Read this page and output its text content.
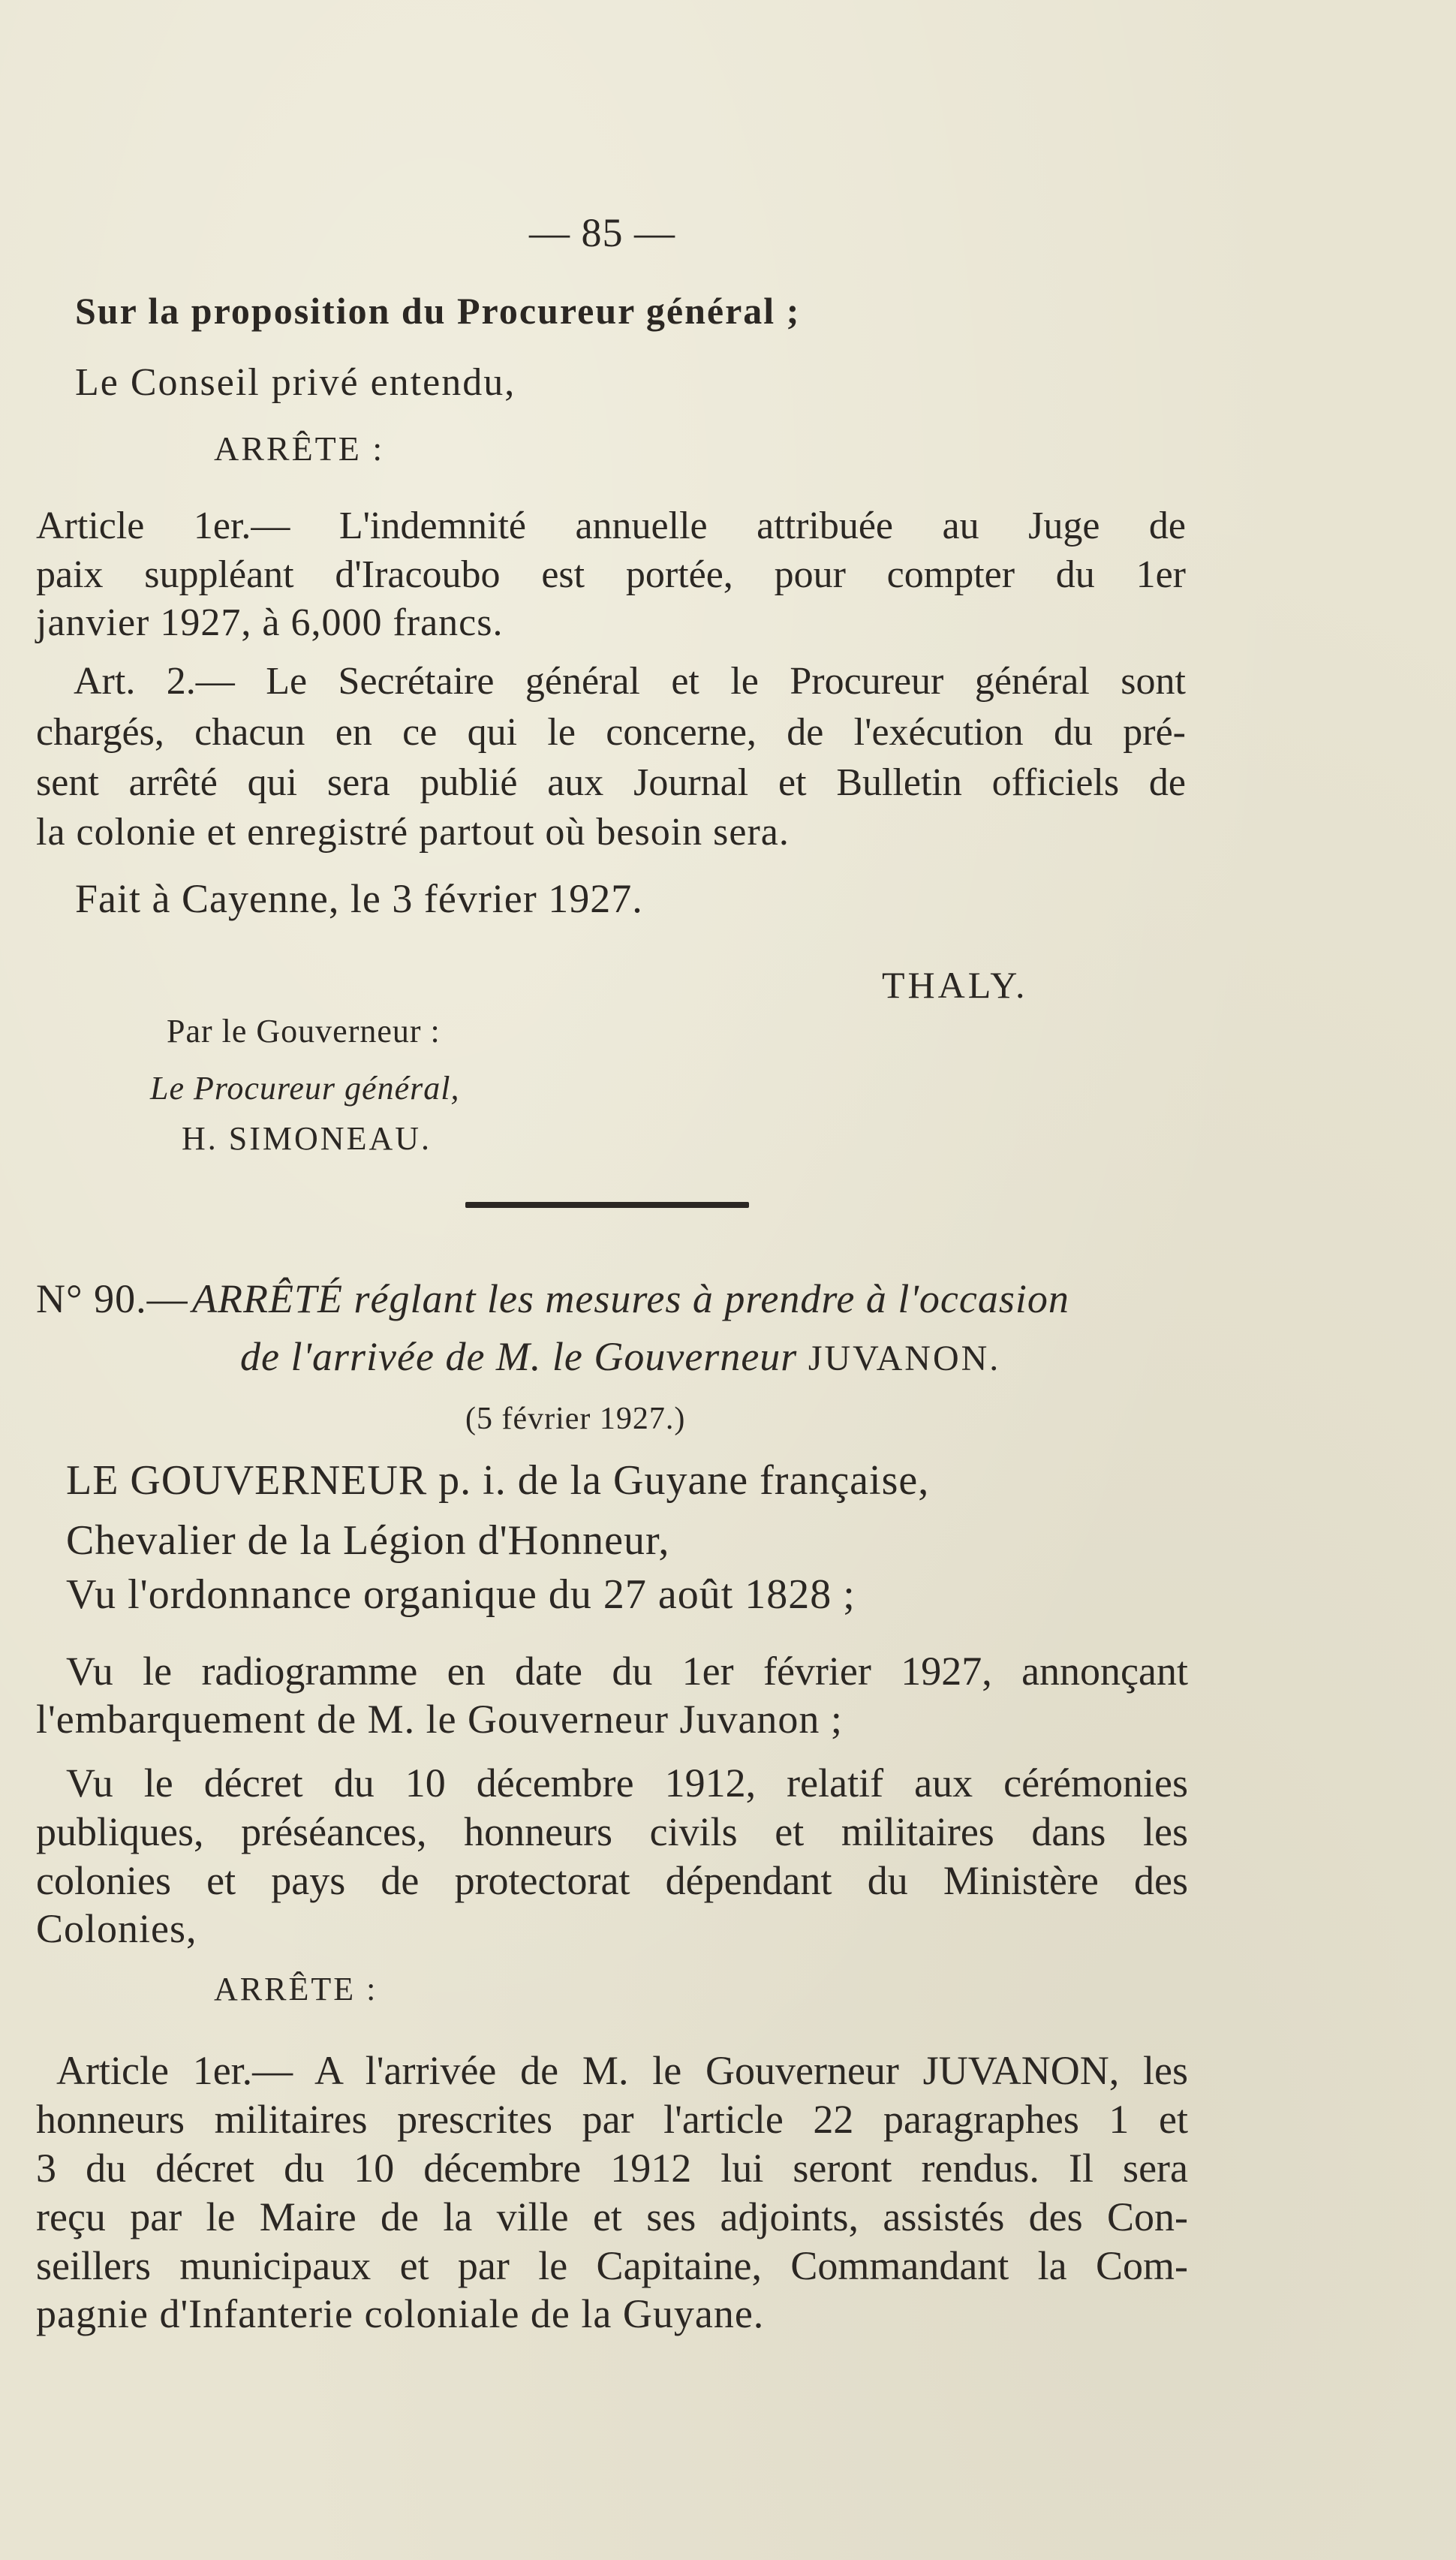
— 85 —
Sur la proposition du Procureur général ;
Le Conseil privé entendu,
ARRÊTE :
Article 1er.— L'indemnité annuelle attribuée au Juge de
paix suppléant d'Iracoubo est portée, pour compter du 1er
janvier 1927, à 6,000 francs.
Art. 2.— Le Secrétaire général et le Procureur général sont
chargés, chacun en ce qui le concerne, de l'exécution du pré-
sent arrêté qui sera publié aux Journal et Bulletin officiels de
la colonie et enregistré partout où besoin sera.
Fait à Cayenne, le 3 février 1927.
THALY.
Par le Gouverneur :
Le Procureur général,
H. SIMONEAU.
N° 90.— ARRÊTÉ réglant les mesures à prendre à l'occasion
de l'arrivée de M. le Gouverneur JUVANON.
(5 février 1927.)
LE GOUVERNEUR p. i. de la Guyane française,
Chevalier de la Légion d'Honneur,
Vu l'ordonnance organique du 27 août 1828 ;
Vu le radiogramme en date du 1er février 1927, annonçant
l'embarquement de M. le Gouverneur Juvanon ;
Vu le décret du 10 décembre 1912, relatif aux cérémonies
publiques, préséances, honneurs civils et militaires dans les
colonies et pays de protectorat dépendant du Ministère des
Colonies,
ARRÊTE :
Article 1er.— A l'arrivée de M. le Gouverneur JUVANON, les
honneurs militaires prescrites par l'article 22 paragraphes 1 et
3 du décret du 10 décembre 1912 lui seront rendus. Il sera
reçu par le Maire de la ville et ses adjoints, assistés des Con-
seillers municipaux et par le Capitaine, Commandant la Com-
pagnie d'Infanterie coloniale de la Guyane.
